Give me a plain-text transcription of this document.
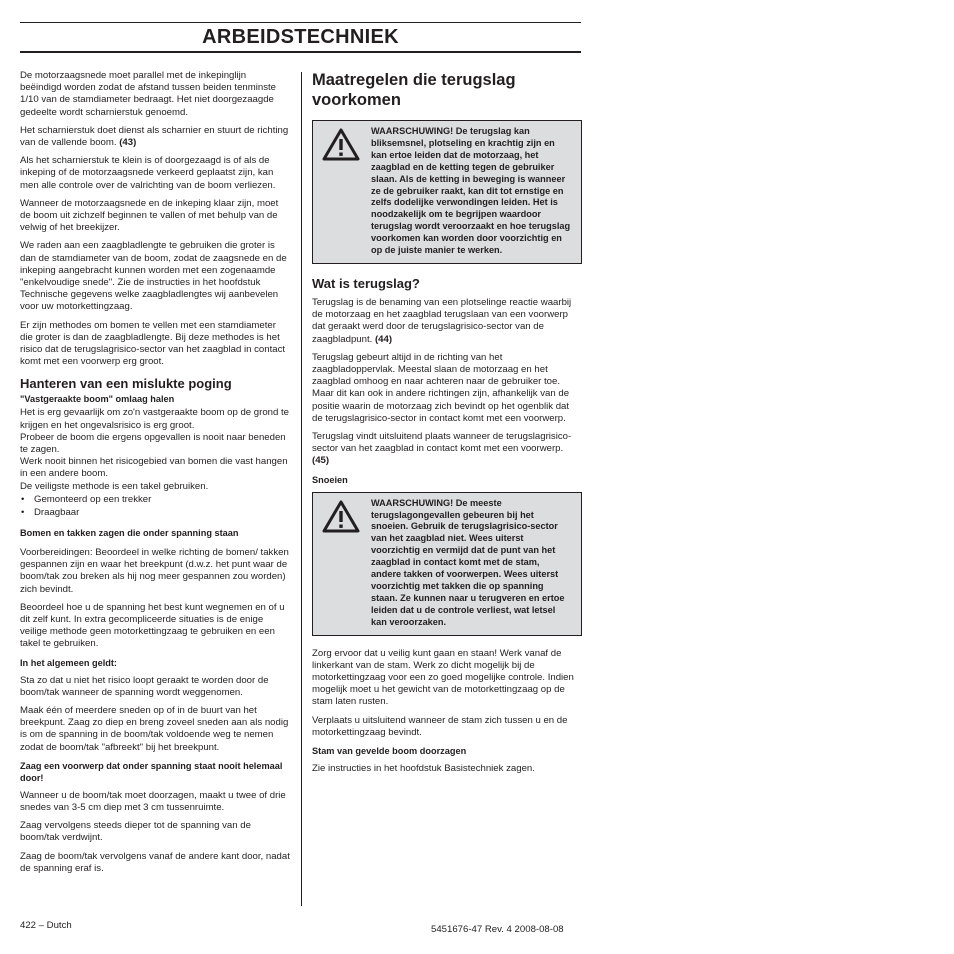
ARBEIDSTECHNIEK

De motorzaagsnede moet parallel met de inkepinglijn beëindigd worden zodat de afstand tussen beiden tenminste 1/10 van de stamdiameter bedraagt. Het niet doorgezaagde gedeelte wordt scharnierstuk genoemd.

Het scharnierstuk doet dienst als scharnier en stuurt de richting van de vallende boom. (43)

Als het scharnierstuk te klein is of doorgezaagd is of als de inkeping of de motorzaagsnede verkeerd geplaatst zijn, kan men alle controle over de valrichting van de boom verliezen.

Wanneer de motorzaagsnede en de inkeping klaar zijn, moet de boom uit zichzelf beginnen te vallen of met behulp van de velwig of het breekijzer.

We raden aan een zaagbladlengte te gebruiken die groter is dan de stamdiameter van de boom, zodat de zaagsnede en de inkeping aangebracht kunnen worden met een zogenaamde "enkelvoudige snede". Zie de instructies in het hoofdstuk Technische gegevens welke zaagbladlengtes wij aanbevelen voor uw motorkettingzaag.

Er zijn methodes om bomen te vellen met een stamdiameter die groter is dan de zaagbladlengte. Bij deze methodes is het risico dat de terugslagrisico-sector van het zaagblad in contact komt met een voorwerp erg groot.

Hanteren van een mislukte poging
"Vastgeraakte boom" omlaag halen

Het is erg gevaarlijk om zo'n vastgeraakte boom op de grond te krijgen en het ongevalsrisico is erg groot.

Probeer de boom die ergens opgevallen is nooit naar beneden te zagen.

Werk nooit binnen het risicogebied van bomen die vast hangen in een andere boom.

De veiligste methode is een takel gebruiken.

• Gemonteerd op een trekker
• Draagbaar
Bomen en takken zagen die onder spanning staan

Voorbereidingen: Beoordeel in welke richting de bomen/ takken gespannen zijn en waar het breekpunt (d.w.z. het punt waar de boom/tak zou breken als hij nog meer gespannen zou worden) zich bevindt.

Beoordeel hoe u de spanning het best kunt wegnemen en of u dit zelf kunt. In extra gecompliceerde situaties is de enige veilige methode geen motorkettingzaag te gebruiken en een takel te gebruiken.

In het algemeen geldt:

Sta zo dat u niet het risico loopt geraakt te worden door de boom/tak wanneer de spanning wordt weggenomen.

Maak één of meerdere sneden op of in de buurt van het breekpunt. Zaag zo diep en breng zoveel sneden aan als nodig is om de spanning in de boom/tak voldoende weg te nemen zodat de boom/tak "afbreekt" bij het breekpunt.

Zaag een voorwerp dat onder spanning staat nooit helemaal door!

Wanneer u de boom/tak moet doorzagen, maakt u twee of drie snedes van 3-5 cm diep met 3 cm tussenruimte.

Zaag vervolgens steeds dieper tot de spanning van de boom/tak verdwijnt.

Zaag de boom/tak vervolgens vanaf de andere kant door, nadat de spanning eraf is.

Maatregelen die terugslag voorkomen
WAARSCHUWING! De terugslag kan bliksemsnel, plotseling en krachtig zijn en kan ertoe leiden dat de motorzaag, het zaagblad en de ketting tegen de gebruiker slaan. Als de ketting in beweging is wanneer ze de gebruiker raakt, kan dit tot ernstige en zelfs dodelijke verwondingen leiden. Het is noodzakelijk om te begrijpen waardoor terugslag wordt veroorzaakt en hoe terugslag voorkomen kan worden door voorzichtig en op de juiste manier te werken.
Wat is terugslag?

Terugslag is de benaming van een plotselinge reactie waarbij de motorzaag en het zaagblad terugslaan van een voorwerp dat geraakt werd door de terugslagrisico-sector van de zaagbladpunt. (44)

Terugslag gebeurt altijd in de richting van het zaagbladoppervlak. Meestal slaan de motorzaag en het zaagblad omhoog en naar achteren naar de gebruiker toe. Maar dit kan ook in andere richtingen zijn, afhankelijk van de positie waarin de motorzaag zich bevindt op het ogenblik dat de terugslagrisico-sector in contact komt met een voorwerp.

Terugslag vindt uitsluitend plaats wanneer de terugslagrisico-sector van het zaagblad in contact komt met een voorwerp. (45)

Snoeien
WAARSCHUWING! De meeste terugslagongevallen gebeuren bij het snoeien. Gebruik de terugslagrisico-sector van het zaagblad niet. Wees uiterst voorzichtig en vermijd dat de punt van het zaagblad in contact komt met de stam, andere takken of voorwerpen. Wees uiterst voorzichtig met takken die op spanning staan. Ze kunnen naar u terugveren en ertoe leiden dat u de controle verliest, wat letsel kan veroorzaken.

Zorg ervoor dat u veilig kunt gaan en staan! Werk vanaf de linkerkant van de stam. Werk zo dicht mogelijk bij de motorkettingzaag voor een zo goed mogelijke controle. Indien mogelijk moet u het gewicht van de motorkettingzaag op de stam laten rusten.

Verplaats u uitsluitend wanneer de stam zich tussen u en de motorkettingzaag bevindt.

Stam van gevelde boom doorzagen

Zie instructies in het hoofdstuk Basistechniek zagen.

422 – Dutch	5451676-47 Rev. 4 2008-08-08
